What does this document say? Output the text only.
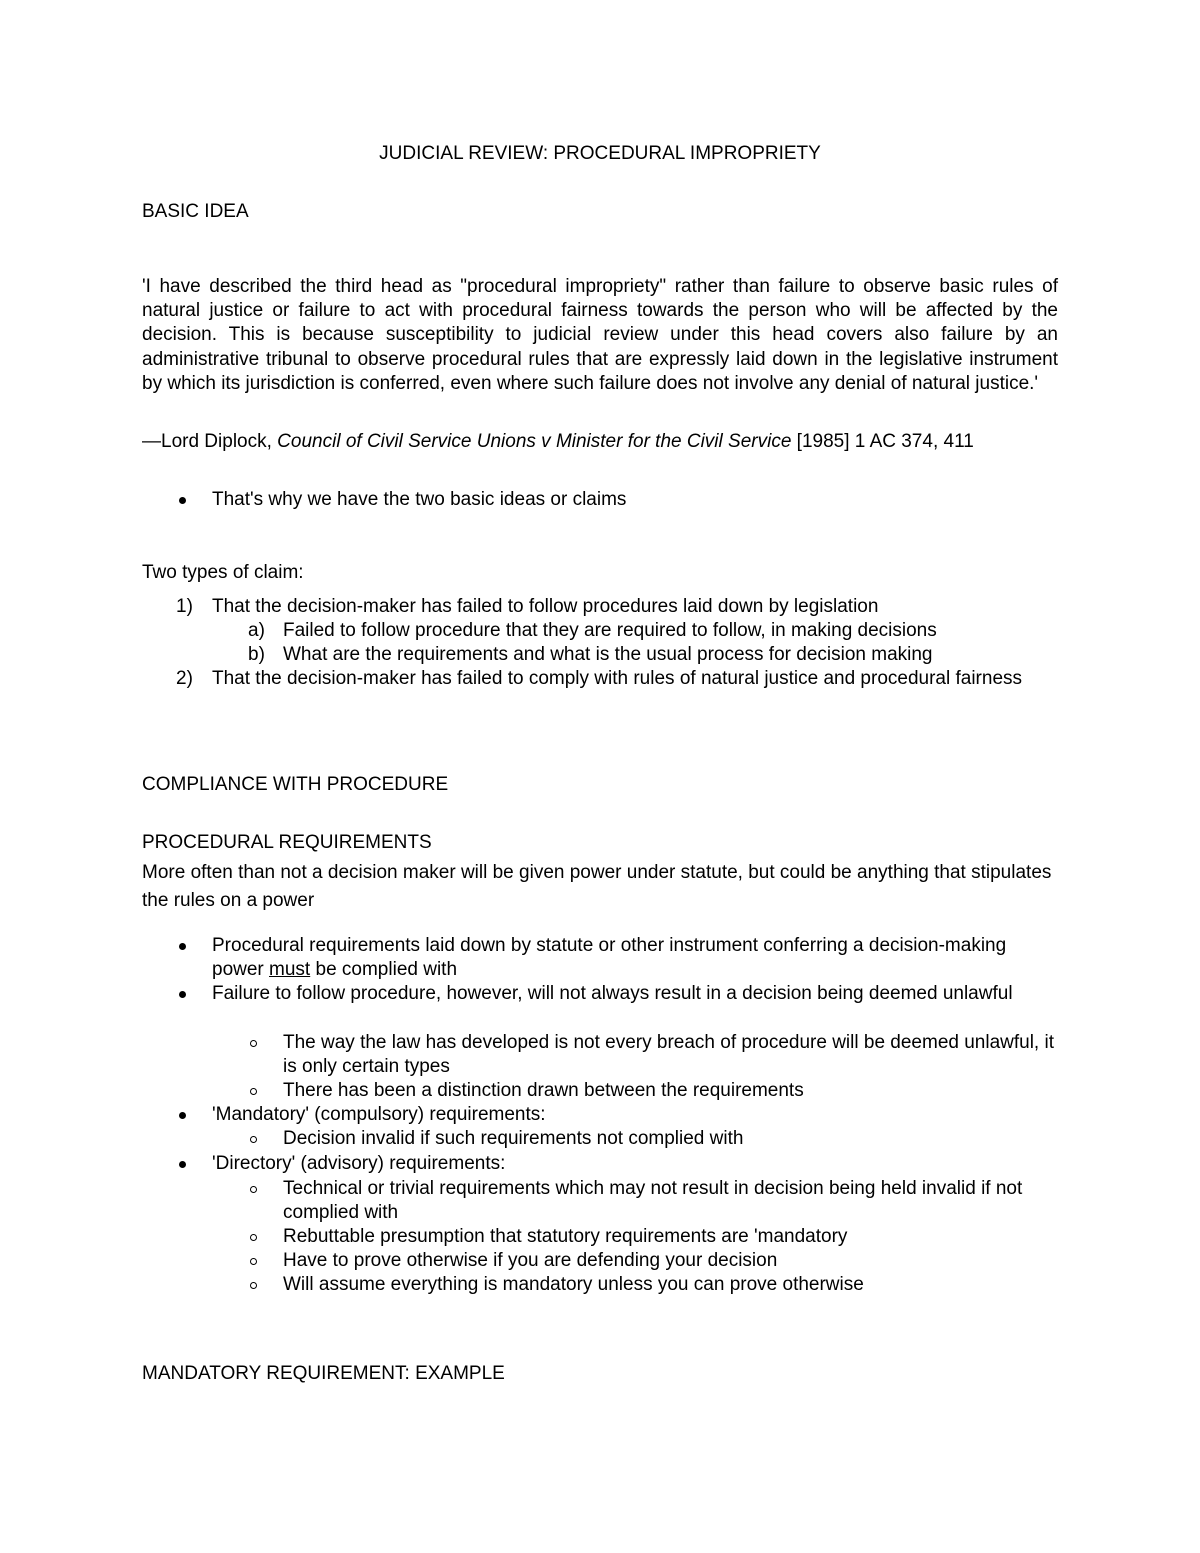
JUDICIAL REVIEW: PROCEDURAL IMPROPRIETY
BASIC IDEA
'I have described the third head as "procedural impropriety" rather than failure to observe basic rules of natural justice or failure to act with procedural fairness towards the person who will be affected by the decision. This is because susceptibility to judicial review under this head covers also failure by an administrative tribunal to observe procedural rules that are expressly laid down in the legislative instrument by which its jurisdiction is conferred, even where such failure does not involve any denial of natural justice.'
—Lord Diplock, Council of Civil Service Unions v Minister for the Civil Service [1985] 1 AC 374, 411
That's why we have the two basic ideas or claims
Two types of claim:
1) That the decision-maker has failed to follow procedures laid down by legislation
a) Failed to follow procedure that they are required to follow, in making decisions
b) What are the requirements and what is the usual process for decision making
2) That the decision-maker has failed to comply with rules of natural justice and procedural fairness
COMPLIANCE WITH PROCEDURE
PROCEDURAL REQUIREMENTS
More often than not a decision maker will be given power under statute, but could be anything that stipulates the rules on a power
Procedural requirements laid down by statute or other instrument conferring a decision-making power must be complied with
Failure to follow procedure, however, will not always result in a decision being deemed unlawful
The way the law has developed is not every breach of procedure will be deemed unlawful, it is only certain types
There has been a distinction drawn between the requirements
'Mandatory' (compulsory) requirements:
Decision invalid if such requirements not complied with
'Directory' (advisory) requirements:
Technical or trivial requirements which may not result in decision being held invalid if not complied with
Rebuttable presumption that statutory requirements are 'mandatory
Have to prove otherwise if you are defending your decision
Will assume everything is mandatory unless you can prove otherwise
MANDATORY REQUIREMENT: EXAMPLE
